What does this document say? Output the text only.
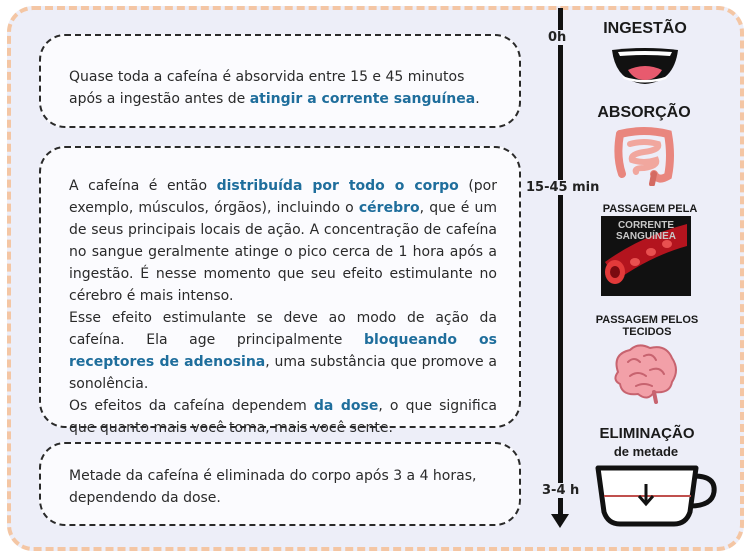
Quase toda a cafeína é absorvida entre 15 e 45 minutos após a ingestão antes de atingir a corrente sanguínea.
A cafeína é então distribuída por todo o corpo (por exemplo, músculos, órgãos), incluindo o cérebro, que é um de seus principais locais de ação. A concentração de cafeína no sangue geralmente atinge o pico cerca de 1 hora após a ingestão. É nesse momento que seu efeito estimulante no cérebro é mais intenso.
Esse efeito estimulante se deve ao modo de ação da cafeína. Ela age principalmente bloqueando os receptores de adenosina, uma substância que promove a sonolência.
Os efeitos da cafeína dependem da dose, o que significa que quanto mais você toma, mais você sente.
Metade da cafeína é eliminada do corpo após 3 a 4 horas, dependendo da dose.
0h
15-45 min
3-4 h
INGESTÃO
ABSORÇÃO
PASSAGEM PELA
CORRENTE SANGUÍNEA
PASSAGEM PELOS TECIDOS
ELIMINAÇÃO
de metade
